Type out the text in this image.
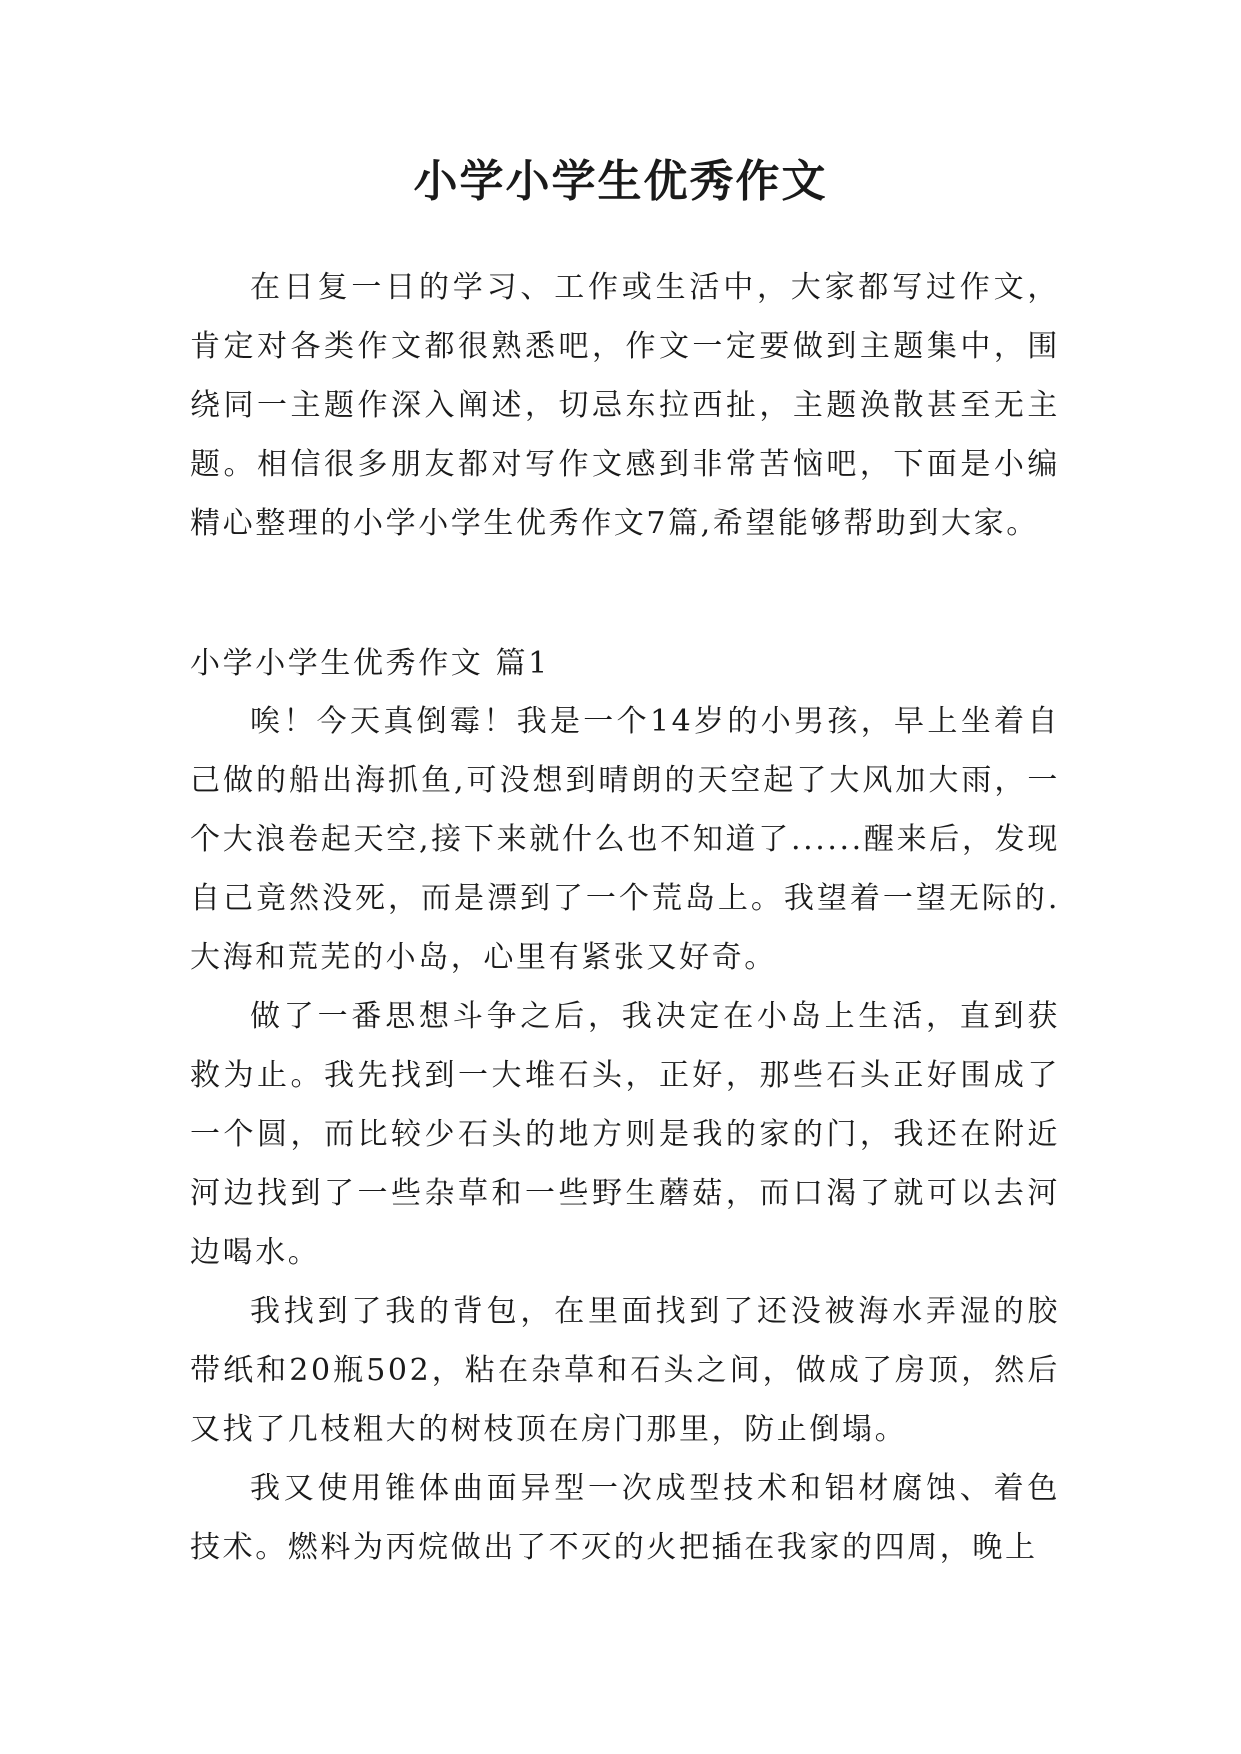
小学小学生优秀作文

在日复一日的学习、工作或生活中，大家都写过作文，肯定对各类作文都很熟悉吧，作文一定要做到主题集中，围绕同一主题作深入阐述，切忌东拉西扯，主题涣散甚至无主题。相信很多朋友都对写作文感到非常苦恼吧，下面是小编精心整理的小学小学生优秀作文7篇,希望能够帮助到大家。

小学小学生优秀作文 篇1

唉！今天真倒霉！我是一个14岁的小男孩，早上坐着自己做的船出海抓鱼,可没想到晴朗的天空起了大风加大雨，一个大浪卷起天空,接下来就什么也不知道了......醒来后，发现自己竟然没死，而是漂到了一个荒岛上。我望着一望无际的.大海和荒芜的小岛，心里有紧张又好奇。

做了一番思想斗争之后，我决定在小岛上生活，直到获救为止。我先找到一大堆石头，正好，那些石头正好围成了一个圆，而比较少石头的地方则是我的家的门，我还在附近河边找到了一些杂草和一些野生蘑菇，而口渴了就可以去河边喝水。

我找到了我的背包，在里面找到了还没被海水弄湿的胶带纸和20瓶502，粘在杂草和石头之间，做成了房顶，然后又找了几枝粗大的树枝顶在房门那里，防止倒塌。

我又使用锥体曲面异型一次成型技术和铝材腐蚀、着色技术。燃料为丙烷做出了不灭的火把插在我家的四周，晚上
